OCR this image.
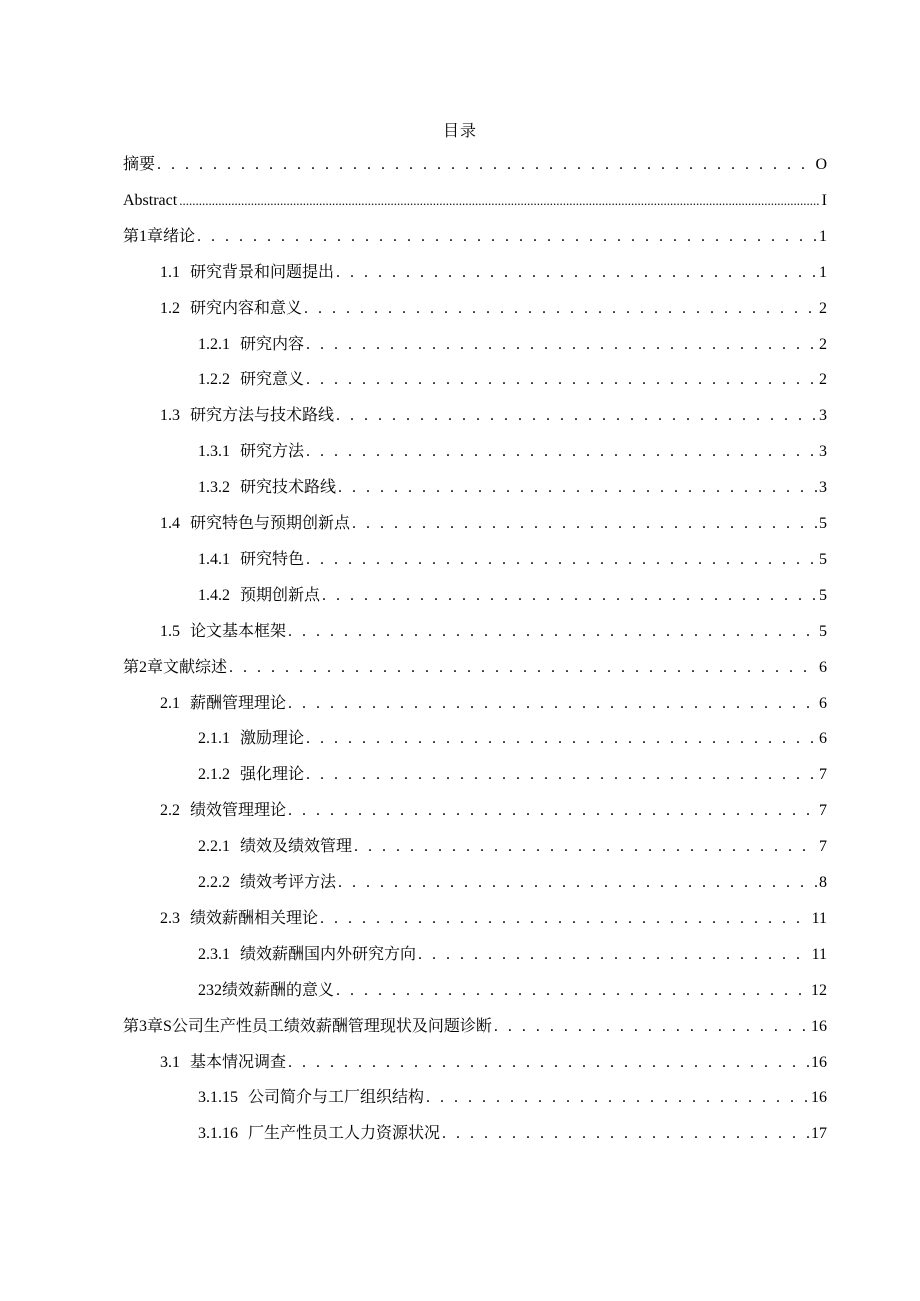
目录
摘要 . . .	O
Abstract .....	I
第1章绪论 . . .	1
1.1 研究背景和问题提出 . . .	1
1.2 研究内容和意义 . . .	2
1.2.1 研究内容 . . .	2
1.2.2 研究意义 . . .	2
1.3 研究方法与技术路线 . . .	3
1.3.1 研究方法 . . .	3
1.3.2 研究技术路线 . . .	3
1.4 研究特色与预期创新点 . . .	5
1.4.1 研究特色 . . .	5
1.4.2 预期创新点 . . .	5
1.5 论文基本框架 . . .	5
第2章文献综述 . . .	6
2.1 薪酬管理理论 . . .	6
2.1.1 激励理论 . . .	6
2.1.2 强化理论 . . .	7
2.2 绩效管理理论 . . .	7
2.2.1 绩效及绩效管理 . . .	7
2.2.2 绩效考评方法 . . .	8
2.3 绩效薪酬相关理论 . . .	11
2.3.1 绩效薪酬国内外研究方向 . . .	11
232绩效薪酬的意义 . . .	12
第3章S公司生产性员工绩效薪酬管理现状及问题诊断 . . .	16
3.1 基本情况调查 . . .	16
3.1.15 公司简介与工厂组织结构 . . .	16
3.1.16 厂生产性员工人力资源状况 . . .	17
